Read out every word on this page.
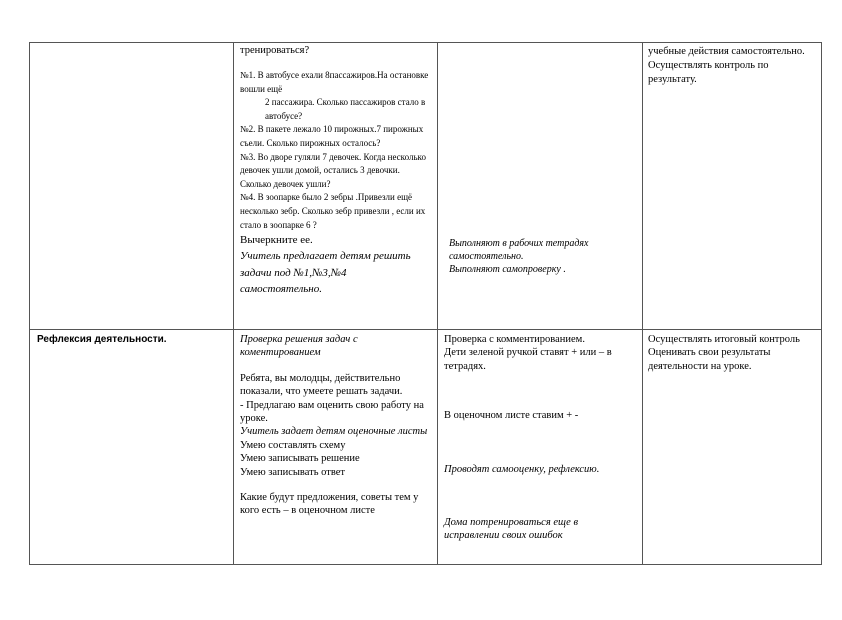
тренироваться?

№1. В автобусе ехали 8пассажиров.На остановке вошли ещё

2 пассажира. Сколько пассажиров стало в автобусе?

№2. В пакете лежало 10 пирожных.7 пирожных съели. Сколько пирожных осталось?

№3. Во дворе гуляли 7 девочек. Когда несколько девочек ушли домой, остались 3 девочки. Сколько девочек ушли?

№4. В зоопарке было 2 зебры .Привезли ещё несколько зебр. Сколько зебр привезли , если их стало в зоопарке 6 ?

Вычеркните ее.

Учитель предлагает детям решить задачи под №1,№3,№4 самостоятельно.

Выполняют в рабочих тетрадях самостоятельно.

Выполняют самопроверку .

учебные действия самостоятельно. Осуществлять контроль по результату.

Рефлексия деятельности.	Проверка решения задач с коментированием

Ребята, вы молодцы, действительно показали, что умеете решать задачи.

- Предлагаю вам оценить свою работу на уроке.

Учитель задает детям оценочные листы

Умею составлять схему

Умею записывать решение

Умею записывать ответ

Какие будут предложения, советы тем у кого есть – в оценочном листе

Проверка с комментированием.

Дети зеленой ручкой ставят + или – в тетрадях.

В оценочном листе ставим + -

Проводят самооценку, рефлексию.

Дома потренироваться еще в исправлении своих ошибок

Осуществлять итоговый контроль Оценивать свои результаты деятельности на уроке.
